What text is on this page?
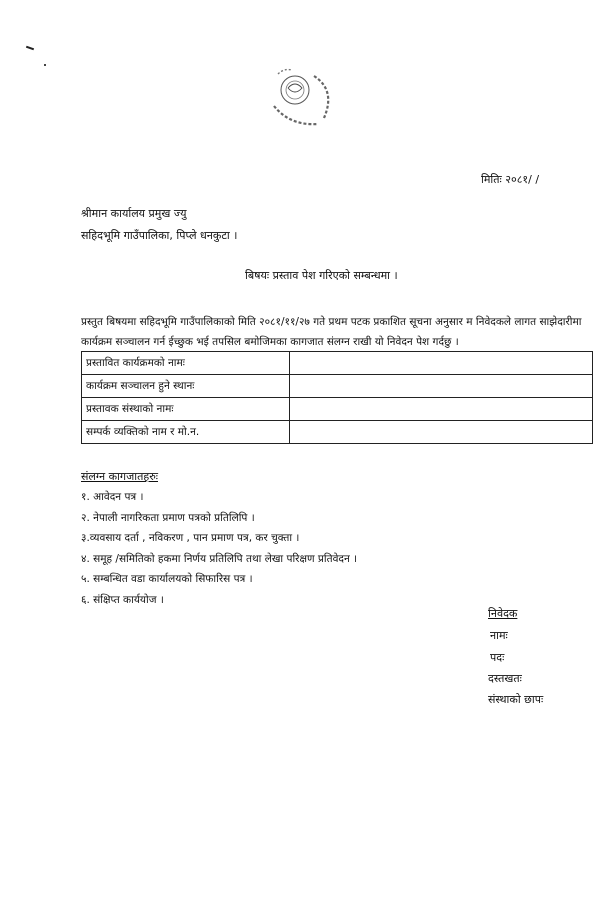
मितिः २०८१/ /
श्रीमान कार्यालय प्रमुख ज्यु
सहिदभूमि गाउँपालिका, पिप्ले धनकुटा ।
बिषयः प्रस्ताव पेश गरिएको सम्बन्धमा ।
प्रस्तुत बिषयमा सहिदभूमि गाउँपालिकाको मिति २०८१/११/२७ गते प्रथम पटक प्रकाशित सूचना अनुसार म निवेदकले लागत साझेदारीमा कार्यक्रम सञ्चालन गर्न ईच्छुक भई तपसिल बमोजिमका कागजात संलग्न राखी यो निवेदन पेश गर्दछु ।
प्रस्तावित कार्यक्रमको नामः	
कार्यक्रम सञ्चालन हुने स्थानः	
प्रस्तावक संस्थाको नामः	
सम्पर्क व्यक्तिको नाम र मो.न.	
संलग्न कागजातहरुः
१. आवेदन पत्र ।
२. नेपाली नागरिकता प्रमाण पत्रको प्रतिलिपि ।
३.व्यवसाय दर्ता , नविकरण , पान प्रमाण पत्र, कर चुक्ता ।
४. समूह /समितिको हकमा निर्णय प्रतिलिपि तथा लेखा परिक्षण प्रतिवेदन ।
५. सम्बन्धित वडा कार्यालयको सिफारिस पत्र ।
६. संक्षिप्त कार्ययोज ।
निवेदक
नामः
पदः
दस्तखतः
संस्थाको छापः
